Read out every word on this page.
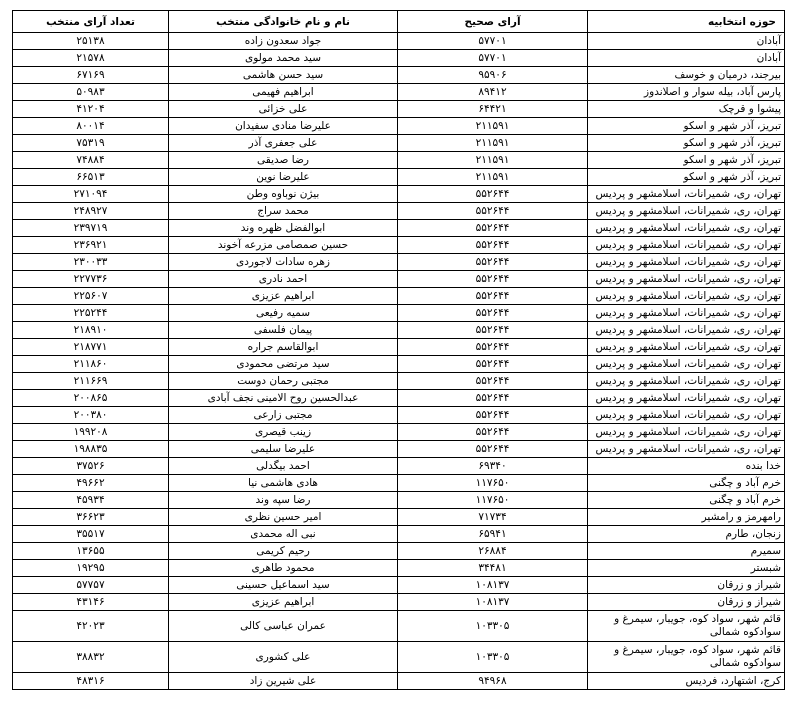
حوزه انتخابیه	آرای صحیح	نام و نام خانوادگی منتخب	تعداد آرای منتخب
آبادان	۵۷۷۰۱	جواد سعدون زاده	۲۵۱۳۸
آبادان	۵۷۷۰۱	سید محمد مولوی	۲۱۵۷۸
بیرجند، درمیان و خوسف	۹۵۹۰۶	سید حسن هاشمی	۶۷۱۶۹
پارس آباد، بیله سوار و اصلاندوز	۸۹۴۱۲	ابراهیم فهیمی	۵۰۹۸۳
پیشوا و قرچک	۶۴۴۲۱	علی خزائی	۴۱۲۰۴
تبریز، آذر شهر و اسکو	۲۱۱۵۹۱	علیرضا منادی سفیدان	۸۰۰۱۴
تبریز، آذر شهر و اسکو	۲۱۱۵۹۱	علی جعفری آذر	۷۵۳۱۹
تبریز، آذر شهر و اسکو	۲۱۱۵۹۱	رضا صدیقی	۷۴۸۸۴
تبریز، آذر شهر و اسکو	۲۱۱۵۹۱	علیرضا نوین	۶۶۵۱۳
تهران، ری، شمیرانات، اسلامشهر و پردیس	۵۵۲۶۴۴	بیژن نوباوه وطن	۲۷۱۰۹۴
تهران، ری، شمیرانات، اسلامشهر و پردیس	۵۵۲۶۴۴	محمد سراج	۲۴۸۹۲۷
تهران، ری، شمیرانات، اسلامشهر و پردیس	۵۵۲۶۴۴	ابوالفضل ظهره وند	۲۳۹۷۱۹
تهران، ری، شمیرانات، اسلامشهر و پردیس	۵۵۲۶۴۴	حسین صمصامی مزرعه آخوند	۲۳۶۹۲۱
تهران، ری، شمیرانات، اسلامشهر و پردیس	۵۵۲۶۴۴	زهره سادات لاجوردی	۲۳۰۰۳۳
تهران، ری، شمیرانات، اسلامشهر و پردیس	۵۵۲۶۴۴	احمد نادری	۲۲۷۷۳۶
تهران، ری، شمیرانات، اسلامشهر و پردیس	۵۵۲۶۴۴	ابراهیم عزیزی	۲۲۵۶۰۷
تهران، ری، شمیرانات، اسلامشهر و پردیس	۵۵۲۶۴۴	سمیه رفیعی	۲۲۵۲۴۴
تهران، ری، شمیرانات، اسلامشهر و پردیس	۵۵۲۶۴۴	پیمان فلسفی	۲۱۸۹۱۰
تهران، ری، شمیرانات، اسلامشهر و پردیس	۵۵۲۶۴۴	ابوالقاسم جراره	۲۱۸۷۷۱
تهران، ری، شمیرانات، اسلامشهر و پردیس	۵۵۲۶۴۴	سید مرتضی محمودی	۲۱۱۸۶۰
تهران، ری، شمیرانات، اسلامشهر و پردیس	۵۵۲۶۴۴	مجتبی رحمان دوست	۲۱۱۶۶۹
تهران، ری، شمیرانات، اسلامشهر و پردیس	۵۵۲۶۴۴	عبدالحسین روح الامینی نجف آبادی	۲۰۰۸۶۵
تهران، ری، شمیرانات، اسلامشهر و پردیس	۵۵۲۶۴۴	مجتبی زارعی	۲۰۰۳۸۰
تهران، ری، شمیرانات، اسلامشهر و پردیس	۵۵۲۶۴۴	زینب قیصری	۱۹۹۲۰۸
تهران، ری، شمیرانات، اسلامشهر و پردیس	۵۵۲۶۴۴	علیرضا سلیمی	۱۹۸۸۳۵
خدا بنده	۶۹۳۴۰	احمد بیگدلی	۳۷۵۲۶
خرم آباد و چگنی	۱۱۷۶۵۰	هادی هاشمی نیا	۴۹۶۶۲
خرم آباد و چگنی	۱۱۷۶۵۰	رضا سپه وند	۴۵۹۳۴
رامهرمز و رامشیر	۷۱۷۳۴	امیر حسین نظری	۳۶۶۲۳
زنجان، طارم	۶۵۹۴۱	نبی اله محمدی	۳۵۵۱۷
سمیرم	۲۶۸۸۴	رحیم کریمی	۱۳۶۵۵
شبستر	۳۴۴۸۱	محمود طاهری	۱۹۲۹۵
شیراز و زرقان	۱۰۸۱۳۷	سید اسماعیل حسینی	۵۷۷۵۷
شیراز و زرقان	۱۰۸۱۳۷	ابراهیم عزیزی	۴۳۱۴۶
قائم شهر، سواد کوه، جویبار، سیمرغ و سوادکوه شمالی	۱۰۳۳۰۵	عمران عباسی کالی	۴۲۰۲۳
قائم شهر، سواد کوه، جویبار، سیمرغ و سوادکوه شمالی	۱۰۳۳۰۵	علی کشوری	۳۸۸۳۲
کرج، اشتهارد، فردیس	۹۴۹۶۸	علی شیرین زاد	۴۸۳۱۶
